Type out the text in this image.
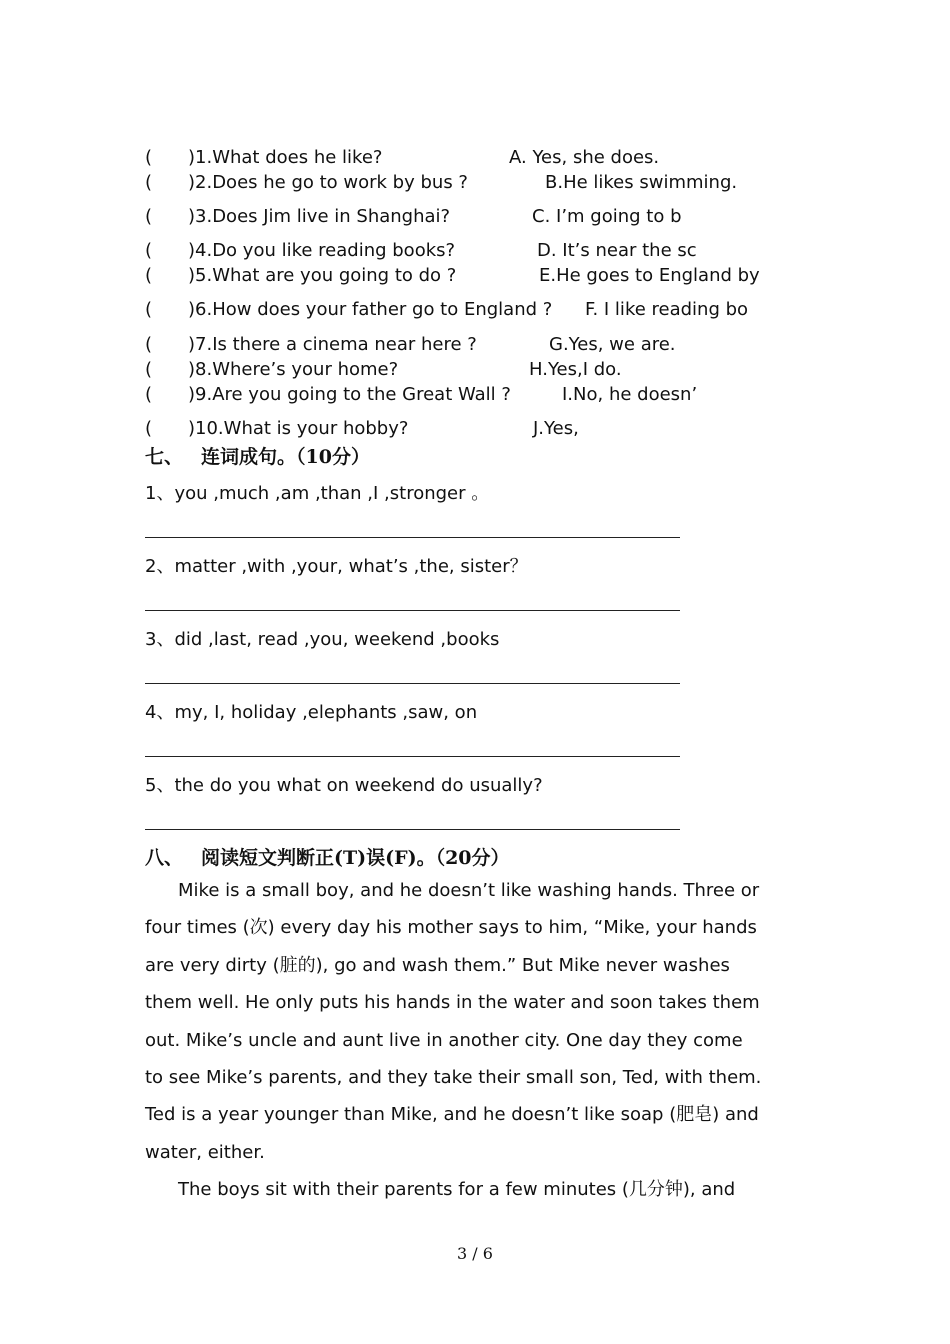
( )1.What does he like?	A. Yes, she does.
( )2.Does he go to work by bus ?	B.He likes swimming.
( )3.Does Jim live in Shanghai?	C. I’m going to b
( )4.Do you like reading books?	D. It’s near the sc
( )5.What are you going to do ?	E.He goes to England by
( )6.How does your father go to England ? F. I like reading bo
( )7.Is there a cinema near here ?	G.Yes, we are.
( )8.Where’s your home?	H.Yes,I do.
( )9.Are you going to the Great Wall ?	I.No, he doesn’
( )10.What is your hobby?	J.Yes,
七、 连词成句。（10分）
1、you ,much ,am ,than ,I ,stronger 。
2、matter ,with ,your, what’s ,the, sister？
3、did ,last, read ,you, weekend ,books
4、my, I, holiday ,elephants ,saw, on
5、the do you what on weekend do usually?
八、 阅读短文判断正(T)误(F)。（20分）
Mike is a small boy, and he doesn’t like washing hands. Three or
four times (次) every day his mother says to him, “Mike, your hands
are very dirty (脏的), go and wash them.” But Mike never washes
them well. He only puts his hands in the water and soon takes them
out. Mike’s uncle and aunt live in another city. One day they come
to see Mike’s parents, and they take their small son, Ted, with them.
Ted is a year younger than Mike, and he doesn’t like soap (肥皂) and
water, either.
The boys sit with their parents for a few minutes (几分钟), and
3 / 6
